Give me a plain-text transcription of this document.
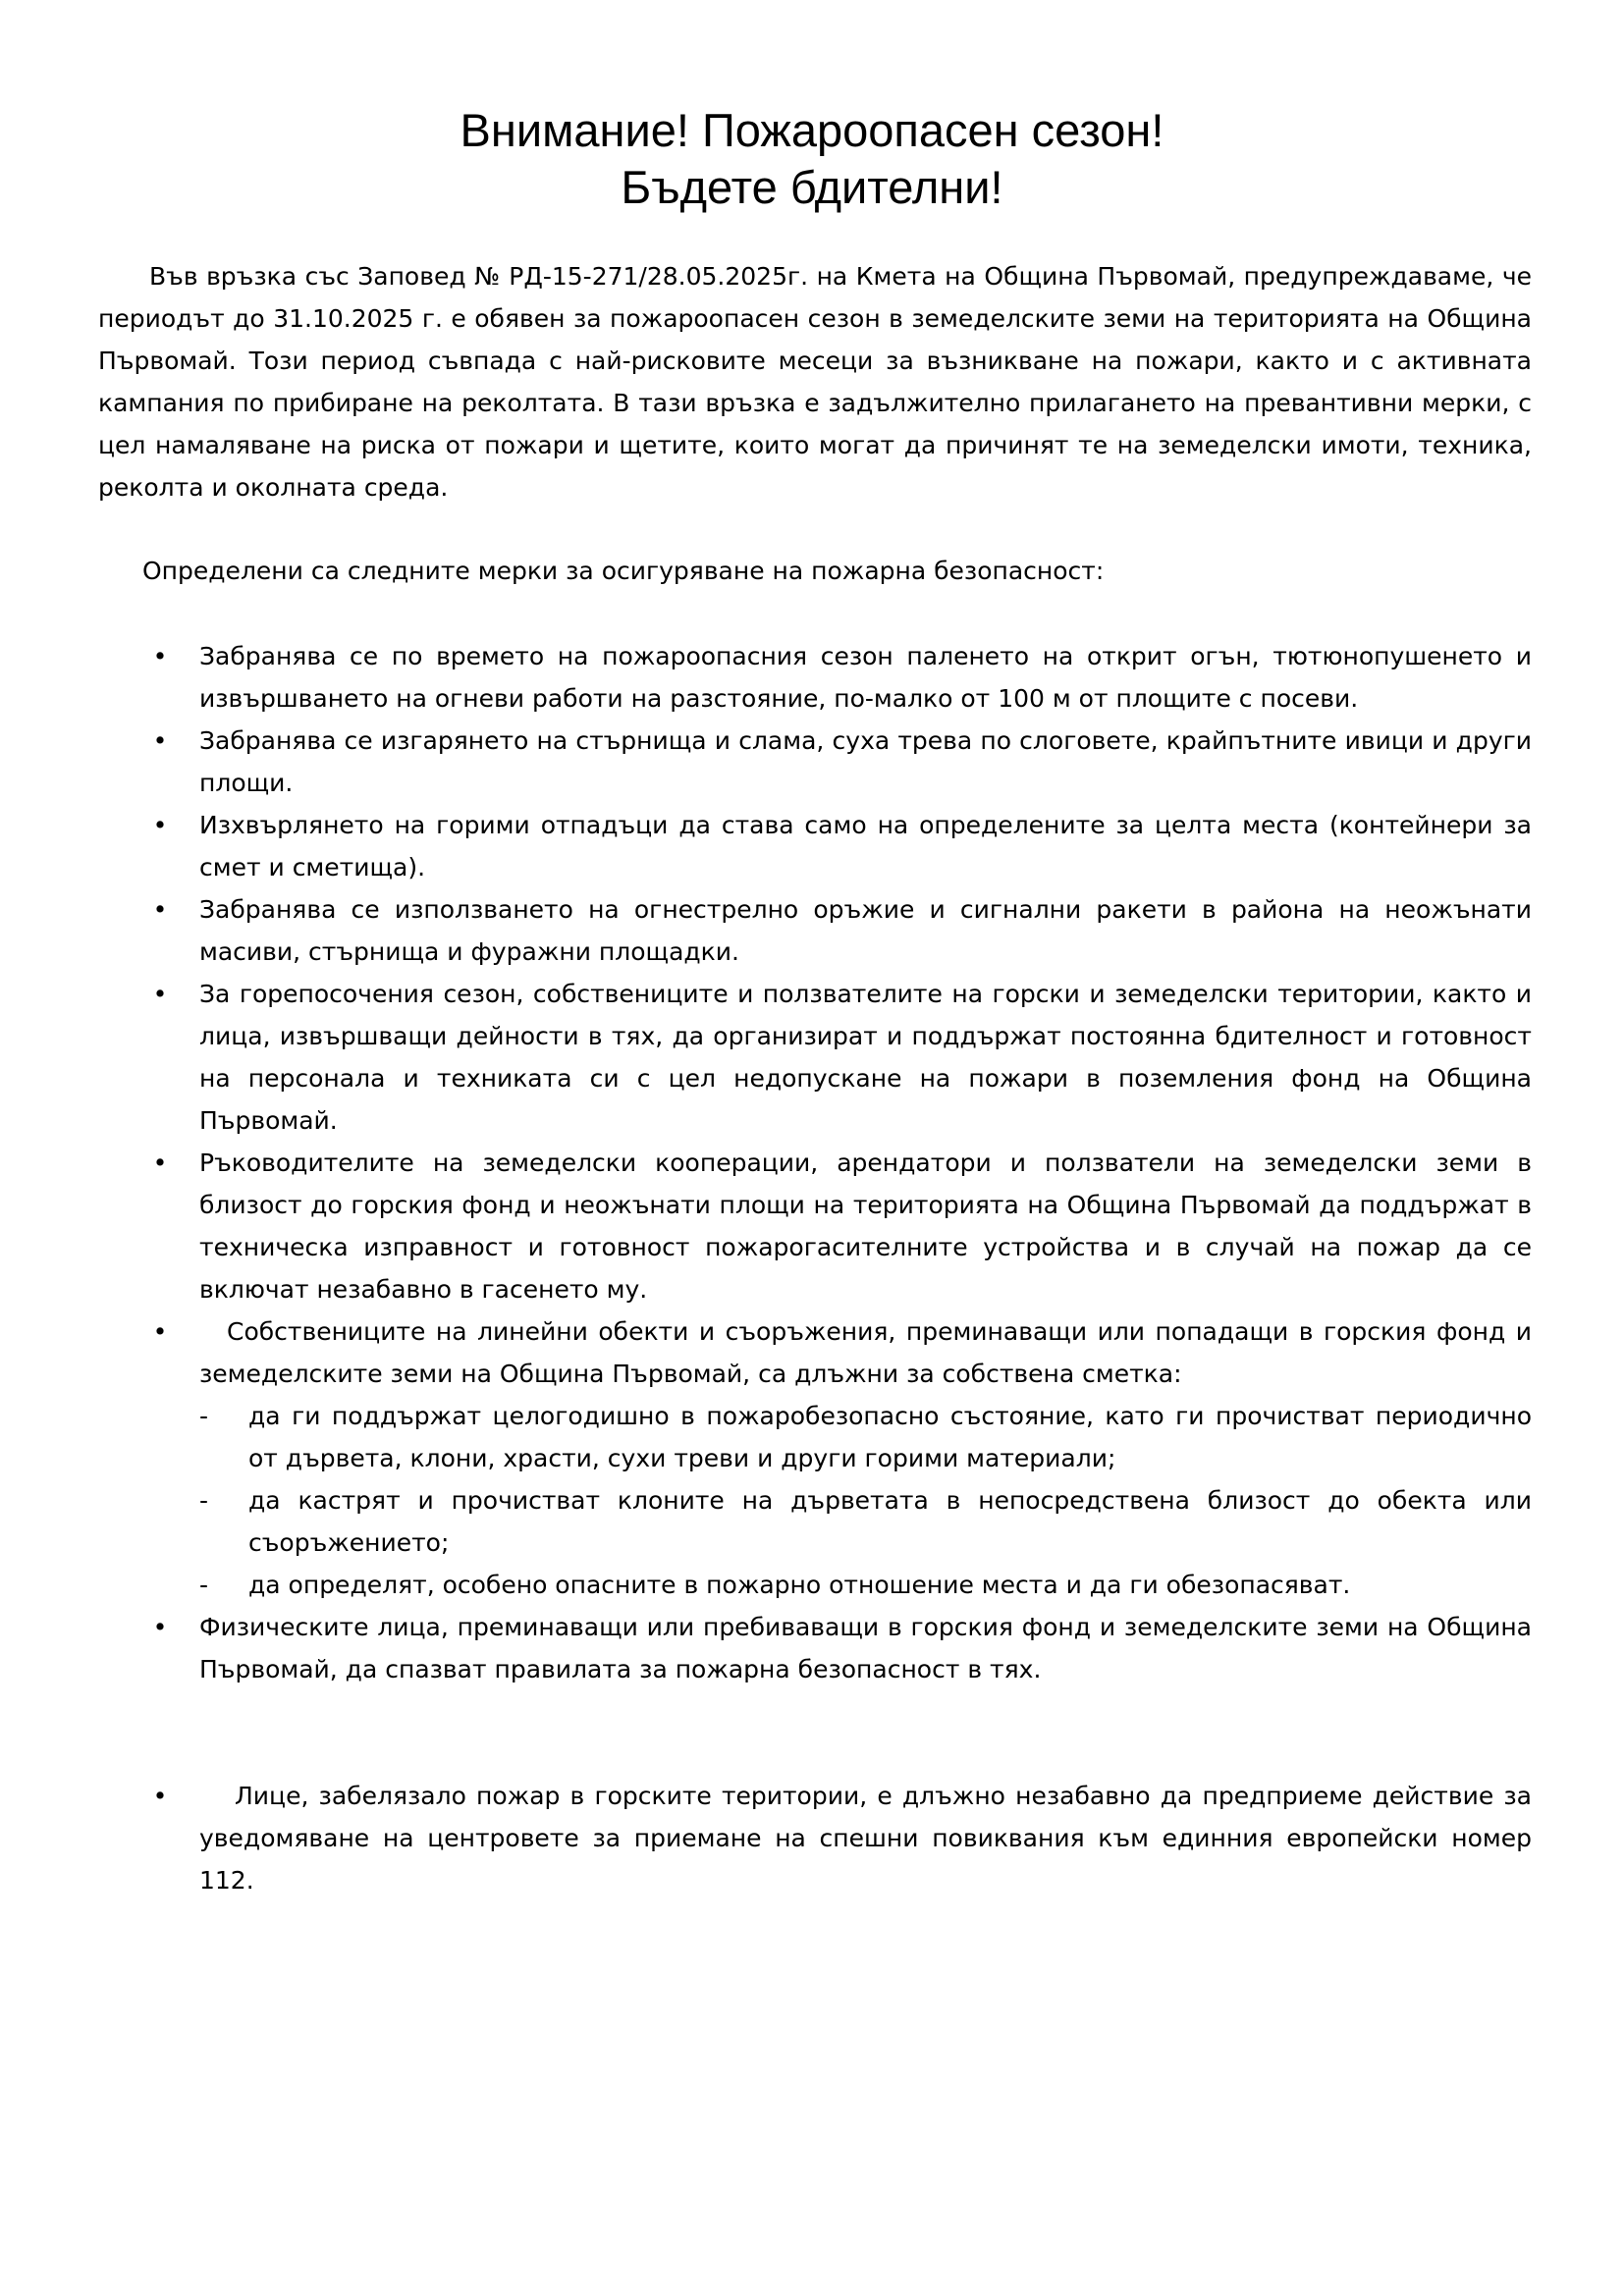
Внимание! Пожароопасен сезон!
Бъдете бдителни!

Във връзка със Заповед № РД-15-271/28.05.2025г. на Кмета на Община Първомай, предупреждаваме, че периодът до 31.10.2025 г. е обявен за пожароопасен сезон в земеделските земи на територията на Община Първомай. Този период съвпада с най-рисковите месеци за възникване на пожари, както и с активната кампания по прибиране на реколтата. В тази връзка е задължително прилагането на превантивни мерки, с цел намаляване на риска от пожари и щетите, които могат да причинят те на земеделски имоти, техника, реколта и околната среда.

Определени са следните мерки за осигуряване на пожарна безопасност:

•	Забранява се по времето на пожароопасния сезон паленето на открит огън, тютюнопушенето и извършването на огневи работи на разстояние, по-малко от 100 м от площите с посеви.
•	Забранява се изгарянето на стърнища и слама, суха трева по слоговете, крайпътните ивици и други площи.
•	Изхвърлянето на горими отпадъци да става само на определените за целта места (контейнери за смет и сметища).
•	Забранява се използването на огнестрелно оръжие и сигнални ракети в района на неожънати масиви, стърнища и фуражни площадки.
•	За горепосочения сезон, собствениците и ползвателите на горски и земеделски територии, както и лица, извършващи дейности в тях, да организират и поддържат постоянна бдителност и готовност на персонала и техниката си с цел недопускане на пожари в поземления фонд на Община Първомай.
•	Ръководителите на земеделски кооперации, арендатори и ползватели на земеделски земи в близост до горския фонд и неожънати площи на територията на Община Първомай да поддържат в техническа изправност и готовност пожарогасителните устройства и в случай на пожар да се включат незабавно в гасенето му.
•	Собствениците на линейни обекти и съоръжения, преминаващи или попадащи в горския фонд и земеделските земи на Община Първомай, са длъжни за собствена сметка:
-	да ги поддържат целогодишно в пожаробезопасно състояние, като ги прочистват периодично от дървета, клони, храсти, сухи треви и други горими материали;
-	да кастрят и прочистват клоните на дърветата в непосредствена близост до обекта или съоръжението;
-	да определят, особено опасните в пожарно отношение места и да ги обезопасяват.
•	Физическите лица, преминаващи или пребиваващи в горския фонд и земеделските земи на Община Първомай, да спазват правилата за пожарна безопасност в тях.
•	Лице, забелязало пожар в горските територии, е длъжно незабавно да предприеме действие за уведомяване на центровете за приемане на спешни повиквания към единния европейски номер 112.
